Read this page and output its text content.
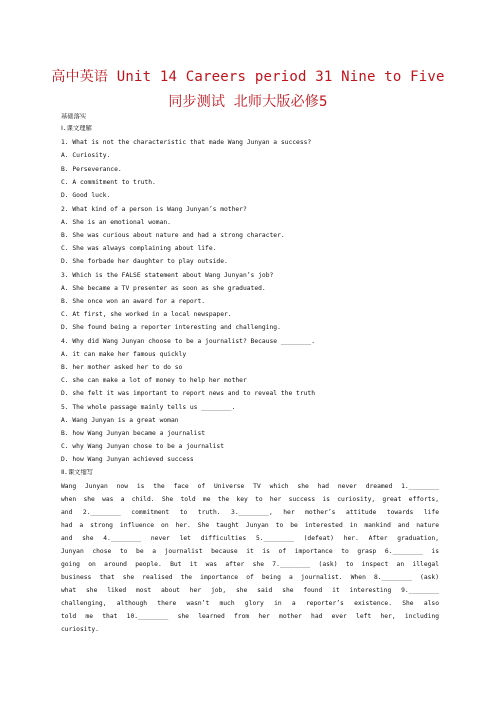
高中英语 Unit 14 Careers period 31 Nine to Five
同步测试 北师大版必修5
基础落实
Ⅰ.课文理解
1. What is not the characteristic that made Wang Junyan a success?
A. Curiosity.
B. Perseverance.
C. A commitment to truth.
D. Good luck.
2. What kind of a person is Wang Junyan’s mother?
A. She is an emotional woman.
B. She was curious about nature and had a strong character.
C. She was always complaining about life.
D. She forbade her daughter to play outside.
3. Which is the FALSE statement about Wang Junyan’s job?
A. She became a TV presenter as soon as she graduated.
B. She once won an award for a report.
C. At first, she worked in a local newspaper.
D. She found being a reporter interesting and challenging.
4. Why did Wang Junyan choose to be a journalist? Because ________.
A. it can make her famous quickly
B. her mother asked her to do so
C. she can make a lot of money to help her mother
D. she felt it was important to report news and to reveal the truth
5. The whole passage mainly tells us ________.
A. Wang Junyan is a great woman
B. how Wang Junyan became a journalist
C. why Wang Junyan chose to be a journalist
D. how Wang Junyan achieved success
Ⅱ.课文缩写
Wang Junyan now is the face of Universe TV which she had never dreamed 1.________
when she was a child. She told me the key to her success is curiosity, great efforts,
and 2.________ commitment to truth. 3.________, her mother’s attitude towards life
had a strong influence on her. She taught Junyan to be interested in mankind and nature
and she 4.________ never let difficulties 5.________ (defeat) her. After graduation,
Junyan chose to be a journalist because it is of importance to grasp 6.________ is
going on around people. But it was after she 7.________ (ask) to inspect an illegal
business that she realised the importance of being a journalist. When 8.________ (ask)
what she liked most about her job, she said she found it interesting 9.________
challenging, although there wasn’t much glory in a reporter’s existence. She also
told me that 10.________ she learned from her mother had ever left her, including
curiosity.
